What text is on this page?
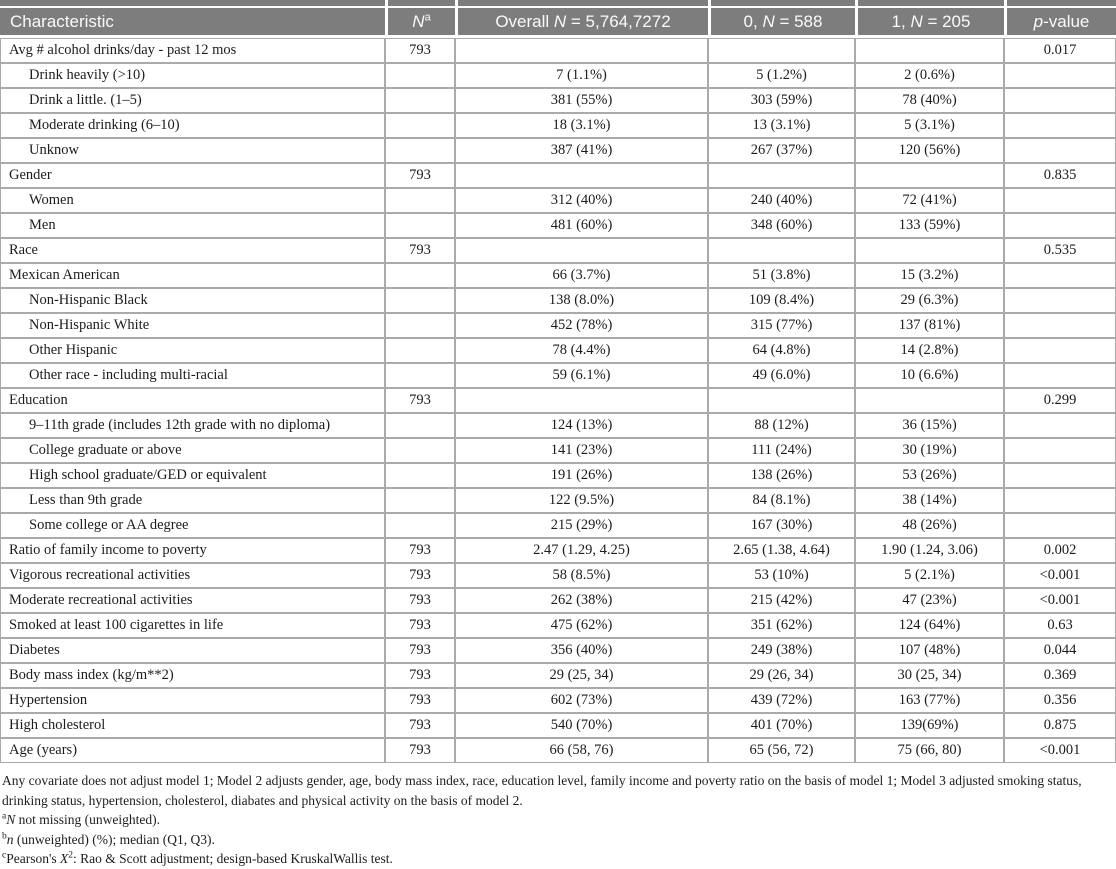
Characteristic	$N^a$	Overall N = 5,764,7272	0, N = 588	1, N = 205	p-value
Avg # alcohol drinks/day - past 12 mos	793				0.017
Drink heavily (>10)		7 (1.1%)	5 (1.2%)	2 (0.6%)	
Drink a little. (1–5)		381 (55%)	303 (59%)	78 (40%)	
Moderate drinking (6–10)		18 (3.1%)	13 (3.1%)	5 (3.1%)	
Unknow		387 (41%)	267 (37%)	120 (56%)	
Gender	793				0.835
Women		312 (40%)	240 (40%)	72 (41%)	
Men		481 (60%)	348 (60%)	133 (59%)	
Race	793				0.535
Mexican American		66 (3.7%)	51 (3.8%)	15 (3.2%)	
Non-Hispanic Black		138 (8.0%)	109 (8.4%)	29 (6.3%)	
Non-Hispanic White		452 (78%)	315 (77%)	137 (81%)	
Other Hispanic		78 (4.4%)	64 (4.8%)	14 (2.8%)	
Other race - including multi-racial		59 (6.1%)	49 (6.0%)	10 (6.6%)	
Education	793				0.299
9–11th grade (includes 12th grade with no diploma)		124 (13%)	88 (12%)	36 (15%)	
College graduate or above		141 (23%)	111 (24%)	30 (19%)	
High school graduate/GED or equivalent		191 (26%)	138 (26%)	53 (26%)	
Less than 9th grade		122 (9.5%)	84 (8.1%)	38 (14%)	
Some college or AA degree		215 (29%)	167 (30%)	48 (26%)	
Ratio of family income to poverty	793	2.47 (1.29, 4.25)	2.65 (1.38, 4.64)	1.90 (1.24, 3.06)	0.002
Vigorous recreational activities	793	58 (8.5%)	53 (10%)	5 (2.1%)	<0.001
Moderate recreational activities	793	262 (38%)	215 (42%)	47 (23%)	<0.001
Smoked at least 100 cigarettes in life	793	475 (62%)	351 (62%)	124 (64%)	0.63
Diabetes	793	356 (40%)	249 (38%)	107 (48%)	0.044
Body mass index (kg/m**2)	793	29 (25, 34)	29 (26, 34)	30 (25, 34)	0.369
Hypertension	793	602 (73%)	439 (72%)	163 (77%)	0.356
High cholesterol	793	540 (70%)	401 (70%)	139(69%)	0.875
Age (years)	793	66 (58, 76)	65 (56, 72)	75 (66, 80)	<0.001

Any covariate does not adjust model 1; Model 2 adjusts gender, age, body mass index, race, education level, family income and poverty ratio on the basis of model 1; Model 3 adjusted smoking status, drinking status, hypertension, cholesterol, diabates and physical activity on the basis of model 2.

$^a$N not missing (unweighted).

$^b$n (unweighted) (%); median (Q1, Q3).

$^c$Pearson's $X^2$: Rao & Scott adjustment; design-based KruskalWallis test.
